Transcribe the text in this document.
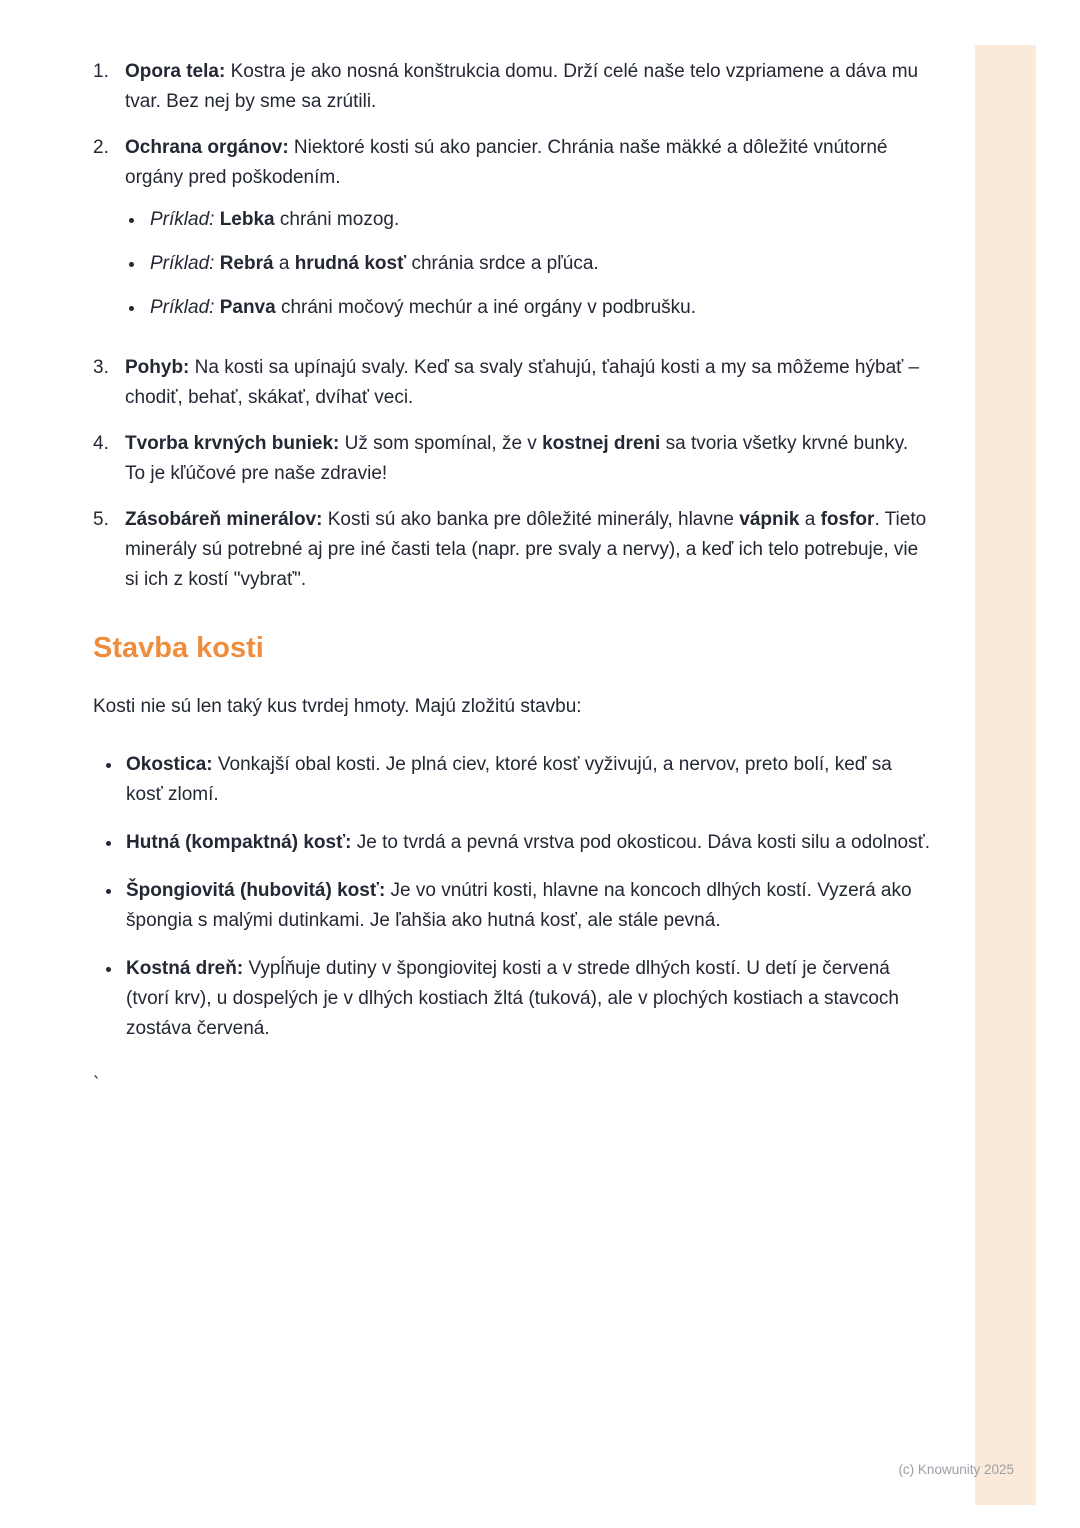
1. Opora tela: Kostra je ako nosná konštrukcia domu. Drží celé naše telo vzpriamene a dáva mu tvar. Bez nej by sme sa zrútili.
2. Ochrana orgánov: Niektoré kosti sú ako pancier. Chránia naše mäkké a dôležité vnútorné orgány pred poškodením.
• Príklad: Lebka chráni mozog.
• Príklad: Rebrá a hrudná kosť chránia srdce a pľúca.
• Príklad: Panva chráni močový mechúr a iné orgány v podbrušku.
3. Pohyb: Na kosti sa upínajú svaly. Keď sa svaly sťahujú, ťahajú kosti a my sa môžeme hýbať – chodiť, behať, skákať, dvíhať veci.
4. Tvorba krvných buniek: Už som spomínal, že v kostnej dreni sa tvoria všetky krvné bunky. To je kľúčové pre naše zdravie!
5. Zásobáreň minerálov: Kosti sú ako banka pre dôležité minerály, hlavne vápnik a fosfor. Tieto minerály sú potrebné aj pre iné časti tela (napr. pre svaly a nervy), a keď ich telo potrebuje, vie si ich z kostí "vybrať".
Stavba kosti

Kosti nie sú len taký kus tvrdej hmoty. Majú zložitú stavbu:

• Okostica: Vonkajší obal kosti. Je plná ciev, ktoré kosť vyživujú, a nervov, preto bolí, keď sa kosť zlomí.
• Hutná (kompaktná) kosť: Je to tvrdá a pevná vrstva pod okosticou. Dáva kosti silu a odolnosť.
• Špongiovitá (hubovitá) kosť: Je vo vnútri kosti, hlavne na koncoch dlhých kostí. Vyzerá ako špongia s malými dutinkami. Je ľahšia ako hutná kosť, ale stále pevná.
• Kostná dreň: Vypĺňuje dutiny v špongiovitej kosti a v strede dlhých kostí. U detí je červená (tvorí krv), u dospelých je v dlhých kostiach žltá (tuková), ale v plochých kostiach a stavcoch zostáva červená.
`
(c) Knowunity 2025
